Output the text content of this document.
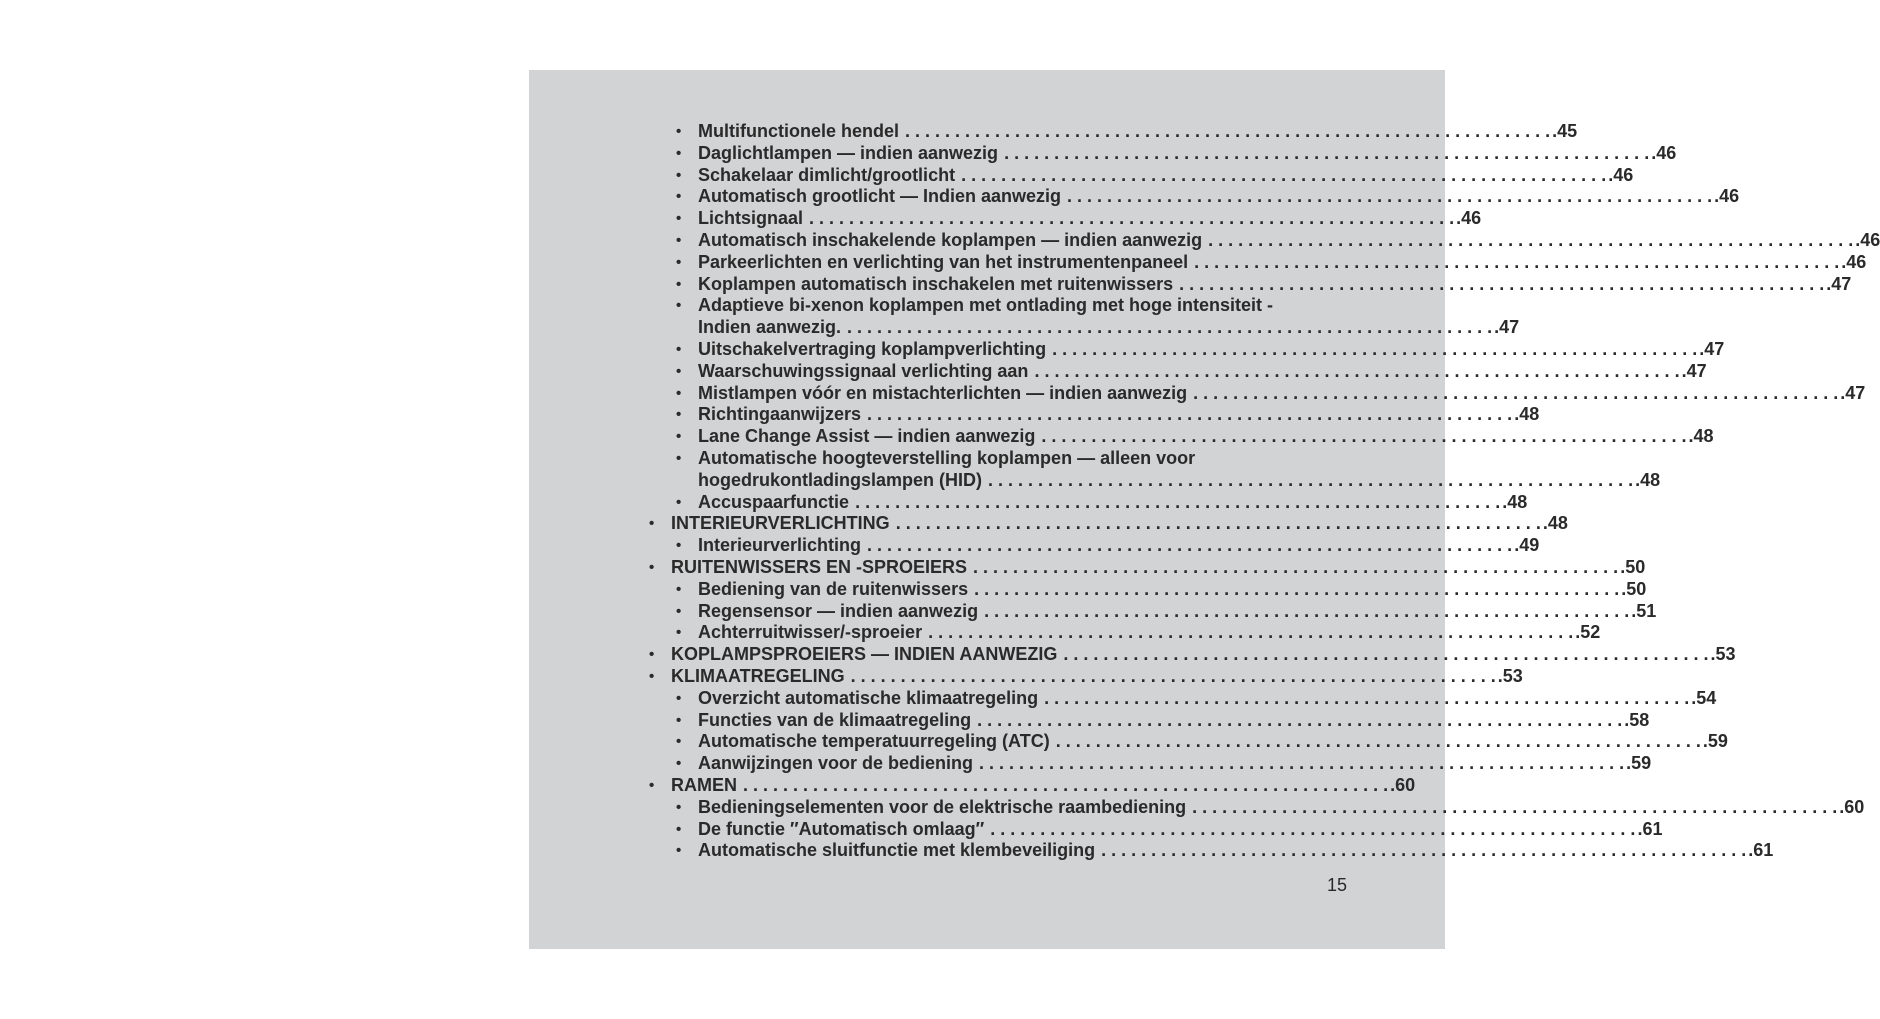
• Multifunctionele hendel . . . . . . . . . . . . . . . . . . . . . . . . . . . . . . . . . . . . . . . . . . . . . . . . . . . . . . . . . . . . . . . . . .45
• Daglichtlampen — indien aanwezig . . . . . . . . . . . . . . . . . . . . . . . . . . . . . . . . . . . . . . . . . . . . . . . . . . . . . . . . . . . . . . . . . .46
• Schakelaar dimlicht/grootlicht . . . . . . . . . . . . . . . . . . . . . . . . . . . . . . . . . . . . . . . . . . . . . . . . . . . . . . . . . . . . . . . . . .46
• Automatisch grootlicht — Indien aanwezig . . . . . . . . . . . . . . . . . . . . . . . . . . . . . . . . . . . . . . . . . . . . . . . . . . . . . . . . . . . . . . . . . .46
• Lichtsignaal . . . . . . . . . . . . . . . . . . . . . . . . . . . . . . . . . . . . . . . . . . . . . . . . . . . . . . . . . . . . . . . . . .46
• Automatisch inschakelende koplampen — indien aanwezig . . . . . . . . . . . . . . . . . . . . . . . . . . . . . . . . . . . . . . . . . . . . . . . . . . . . . . . . . . . . . . . . . .46
• Parkeerlichten en verlichting van het instrumentenpaneel . . . . . . . . . . . . . . . . . . . . . . . . . . . . . . . . . . . . . . . . . . . . . . . . . . . . . . . . . . . . . . . . . .46
• Koplampen automatisch inschakelen met ruitenwissers . . . . . . . . . . . . . . . . . . . . . . . . . . . . . . . . . . . . . . . . . . . . . . . . . . . . . . . . . . . . . . . . . .47
• Adaptieve bi-xenon koplampen met ontlading met hoge intensiteit -
Indien aanwezig. . . . . . . . . . . . . . . . . . . . . . . . . . . . . . . . . . . . . . . . . . . . . . . . . . . . . . . . . . . . . . . . . . .47
• Uitschakelvertraging koplampverlichting . . . . . . . . . . . . . . . . . . . . . . . . . . . . . . . . . . . . . . . . . . . . . . . . . . . . . . . . . . . . . . . . . .47
• Waarschuwingssignaal verlichting aan . . . . . . . . . . . . . . . . . . . . . . . . . . . . . . . . . . . . . . . . . . . . . . . . . . . . . . . . . . . . . . . . . .47
• Mistlampen vóór en mistachterlichten — indien aanwezig . . . . . . . . . . . . . . . . . . . . . . . . . . . . . . . . . . . . . . . . . . . . . . . . . . . . . . . . . . . . . . . . . .47
• Richtingaanwijzers . . . . . . . . . . . . . . . . . . . . . . . . . . . . . . . . . . . . . . . . . . . . . . . . . . . . . . . . . . . . . . . . . .48
• Lane Change Assist — indien aanwezig . . . . . . . . . . . . . . . . . . . . . . . . . . . . . . . . . . . . . . . . . . . . . . . . . . . . . . . . . . . . . . . . . .48
• Automatische hoogteverstelling koplampen — alleen voor
hogedrukontladingslampen (HID) . . . . . . . . . . . . . . . . . . . . . . . . . . . . . . . . . . . . . . . . . . . . . . . . . . . . . . . . . . . . . . . . . .48
• Accuspaarfunctie . . . . . . . . . . . . . . . . . . . . . . . . . . . . . . . . . . . . . . . . . . . . . . . . . . . . . . . . . . . . . . . . . .48
• INTERIEURVERLICHTING . . . . . . . . . . . . . . . . . . . . . . . . . . . . . . . . . . . . . . . . . . . . . . . . . . . . . . . . . . . . . . . . . .48
• Interieurverlichting . . . . . . . . . . . . . . . . . . . . . . . . . . . . . . . . . . . . . . . . . . . . . . . . . . . . . . . . . . . . . . . . . .49
• RUITENWISSERS EN -SPROEIERS . . . . . . . . . . . . . . . . . . . . . . . . . . . . . . . . . . . . . . . . . . . . . . . . . . . . . . . . . . . . . . . . . .50
• Bediening van de ruitenwissers . . . . . . . . . . . . . . . . . . . . . . . . . . . . . . . . . . . . . . . . . . . . . . . . . . . . . . . . . . . . . . . . . .50
• Regensensor — indien aanwezig . . . . . . . . . . . . . . . . . . . . . . . . . . . . . . . . . . . . . . . . . . . . . . . . . . . . . . . . . . . . . . . . . .51
• Achterruitwisser/-sproeier . . . . . . . . . . . . . . . . . . . . . . . . . . . . . . . . . . . . . . . . . . . . . . . . . . . . . . . . . . . . . . . . . .52
• KOPLAMPSPROEIERS — INDIEN AANWEZIG . . . . . . . . . . . . . . . . . . . . . . . . . . . . . . . . . . . . . . . . . . . . . . . . . . . . . . . . . . . . . . . . . .53
• KLIMAATREGELING . . . . . . . . . . . . . . . . . . . . . . . . . . . . . . . . . . . . . . . . . . . . . . . . . . . . . . . . . . . . . . . . . .53
• Overzicht automatische klimaatregeling . . . . . . . . . . . . . . . . . . . . . . . . . . . . . . . . . . . . . . . . . . . . . . . . . . . . . . . . . . . . . . . . . .54
• Functies van de klimaatregeling . . . . . . . . . . . . . . . . . . . . . . . . . . . . . . . . . . . . . . . . . . . . . . . . . . . . . . . . . . . . . . . . . .58
• Automatische temperatuurregeling (ATC) . . . . . . . . . . . . . . . . . . . . . . . . . . . . . . . . . . . . . . . . . . . . . . . . . . . . . . . . . . . . . . . . . .59
• Aanwijzingen voor de bediening . . . . . . . . . . . . . . . . . . . . . . . . . . . . . . . . . . . . . . . . . . . . . . . . . . . . . . . . . . . . . . . . . .59
• RAMEN . . . . . . . . . . . . . . . . . . . . . . . . . . . . . . . . . . . . . . . . . . . . . . . . . . . . . . . . . . . . . . . . . .60
• Bedieningselementen voor de elektrische raambediening . . . . . . . . . . . . . . . . . . . . . . . . . . . . . . . . . . . . . . . . . . . . . . . . . . . . . . . . . . . . . . . . . .60
• De functie ″Automatisch omlaag″ . . . . . . . . . . . . . . . . . . . . . . . . . . . . . . . . . . . . . . . . . . . . . . . . . . . . . . . . . . . . . . . . . .61
• Automatische sluitfunctie met klembeveiliging . . . . . . . . . . . . . . . . . . . . . . . . . . . . . . . . . . . . . . . . . . . . . . . . . . . . . . . . . . . . . . . . . .61
15
